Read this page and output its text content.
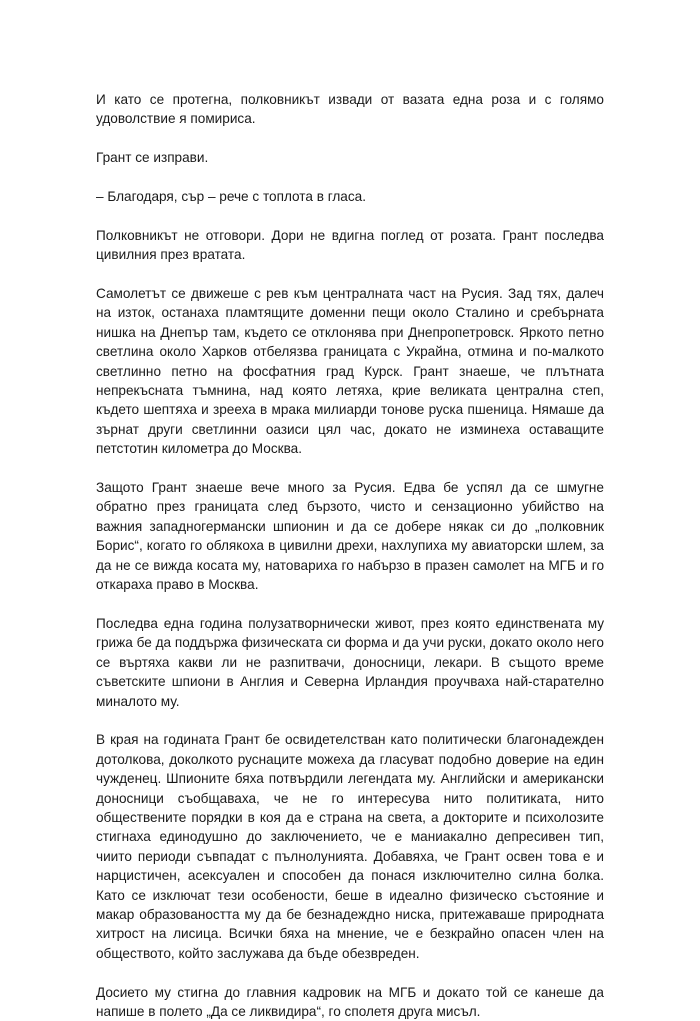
И като се протегна, полковникът извади от вазата една роза и с голямо удоволствие я помириса.

Грант се изправи.

– Благодаря, сър – рече с топлота в гласа.

Полковникът не отговори. Дори не вдигна поглед от розата. Грант последва цивилния през вратата.

Самолетът се движеше с рев към централната част на Русия. Зад тях, далеч на изток, останаха пламтящите доменни пещи около Сталино и сребърната нишка на Днепър там, където се отклонява при Днепропетровск. Яркото петно светлина около Харков отбелязва границата с Украйна, отмина и по-малкото светлинно петно на фосфатния град Курск. Грант знаеше, че плътната непрекъсната тъмнина, над която летяха, крие великата централна степ, където шептяха и зрееха в мрака милиарди тонове руска пшеница. Нямаше да зърнат други светлинни оазиси цял час, докато не изминеха оставащите петстотин километра до Москва.

Защото Грант знаеше вече много за Русия. Едва бе успял да се шмугне обратно през границата след бързото, чисто и сензационно убийство на важния западногермански шпионин и да се добере някак си до „полковник Борис“, когато го облякоха в цивилни дрехи, нахлупиха му авиаторски шлем, за да не се вижда косата му, натовариха го набързо в празен самолет на МГБ и го откараха право в Москва.

Последва една година полузатворнически живот, през която единствената му грижа бе да поддържа физическата си форма и да учи руски, докато около него се въртяха какви ли не разпитвачи, доносници, лекари. В същото време съветските шпиони в Англия и Северна Ирландия проучваха най-старателно миналото му.

В края на годината Грант бе освидетелстван като политически благонадежден дотолкова, доколкото руснаците можеха да гласуват подобно доверие на един чужденец. Шпионите бяха потвърдили легендата му. Английски и американски доносници съобщаваха, че не го интересува нито политиката, нито обществените порядки в коя да е страна на света, а докторите и психолозите стигнаха единодушно до заключението, че е маниакално депресивен тип, чиито периоди съвпадат с пълнолунията. Добавяха, че Грант освен това е и нарцистичен, асексуален и способен да понася изключително силна болка. Като се изключат тези особености, беше в идеално физическо състояние и макар образоваността му да бе безнадеждно ниска, притежаваше природната хитрост на лисица. Всички бяха на мнение, че е безкрайно опасен член на обществото, който заслужава да бъде обезвреден.

Досието му стигна до главния кадровик на МГБ и докато той се канеше да напише в полето „Да се ликвидира“, го сполетя друга мисъл.
